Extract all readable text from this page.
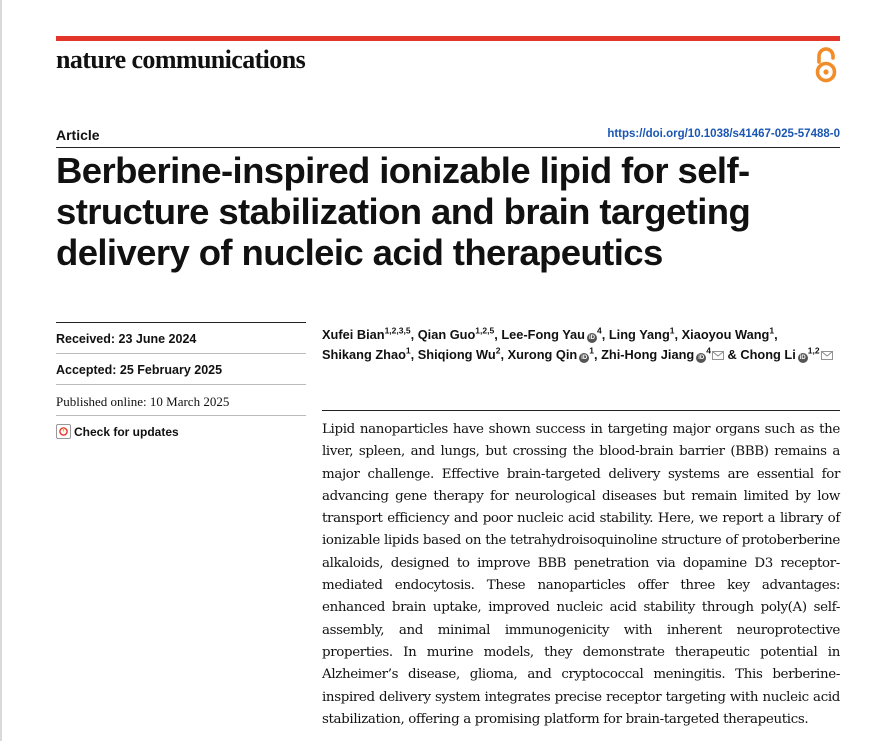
nature communications
Article	https://doi.org/10.1038/s41467-025-57488-0
Berberine-inspired ionizable lipid for self-structure stabilization and brain targeting delivery of nucleic acid therapeutics
Received: 23 June 2024
Accepted: 25 February 2025
Published online: 10 March 2025
Check for updates
Xufei Bian$^{1,2,3,5}$, Qian Guo$^{1,2,5}$, Lee-Fong Yau $iD^4$, Ling Yang$^1$, Xiaoyou Wang$^1$, Shikang Zhao$^1$, Shiqiong Wu$^2$, Xurong Qin $iD^1$, Zhi-Hong Jiang $iD^4$ & Chong Li iD$^{1,2}$

Lipid nanoparticles have shown success in targeting major organs such as the liver, spleen, and lungs, but crossing the blood-brain barrier (BBB) remains a major challenge. Effective brain-targeted delivery systems are essential for advancing gene therapy for neurological diseases but remain limited by low transport efficiency and poor nucleic acid stability. Here, we report a library of ionizable lipids based on the tetrahydroisoquinoline structure of protoberberine alkaloids, designed to improve BBB penetration via dopamine D3 receptor-mediated endocytosis. These nanoparticles offer three key advantages: enhanced brain uptake, improved nucleic acid stability through poly(A) self-assembly, and minimal immunogenicity with inherent neuroprotective properties. In murine models, they demonstrate therapeutic potential in Alzheimer’s disease, glioma, and cryptococcal meningitis. This berberine-inspired delivery system integrates precise receptor targeting with nucleic acid stabilization, offering a promising platform for brain-targeted therapeutics.
